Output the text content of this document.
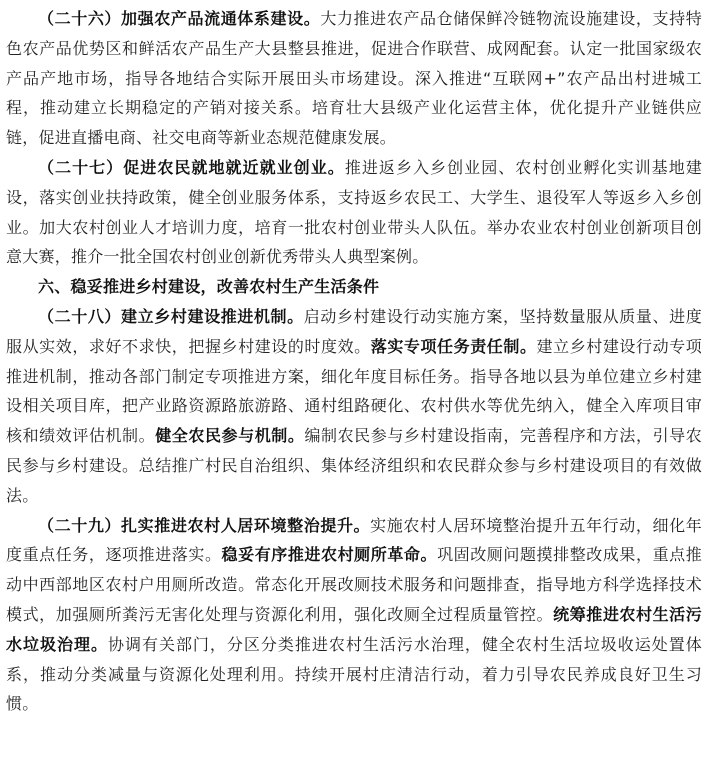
（二十六）加强农产品流通体系建设。大力推进农产品仓储保鲜冷链物流设施建设，支持特色农产品优势区和鲜活农产品生产大县整县推进，促进合作联营、成网配套。认定一批国家级农产品产地市场，指导各地结合实际开展田头市场建设。深入推进“互联网+”农产品出村进城工程，推动建立长期稳定的产销对接关系。培育壮大县级产业化运营主体，优化提升产业链供应链，促进直播电商、社交电商等新业态规范健康发展。

（二十七）促进农民就地就近就业创业。推进返乡入乡创业园、农村创业孵化实训基地建设，落实创业扶持政策，健全创业服务体系，支持返乡农民工、大学生、退役军人等返乡入乡创业。加大农村创业人才培训力度，培育一批农村创业带头人队伍。举办农业农村创业创新项目创意大赛，推介一批全国农村创业创新优秀带头人典型案例。

六、稳妥推进乡村建设，改善农村生产生活条件

（二十八）建立乡村建设推进机制。启动乡村建设行动实施方案，坚持数量服从质量、进度服从实效，求好不求快，把握乡村建设的时度效。落实专项任务责任制。建立乡村建设行动专项推进机制，推动各部门制定专项推进方案，细化年度目标任务。指导各地以县为单位建立乡村建设相关项目库，把产业路资源路旅游路、通村组路硬化、农村供水等优先纳入，健全入库项目审核和绩效评估机制。健全农民参与机制。编制农民参与乡村建设指南，完善程序和方法，引导农民参与乡村建设。总结推广村民自治组织、集体经济组织和农民群众参与乡村建设项目的有效做法。

（二十九）扎实推进农村人居环境整治提升。实施农村人居环境整治提升五年行动，细化年度重点任务，逐项推进落实。稳妥有序推进农村厕所革命。巩固改厕问题摸排整改成果，重点推动中西部地区农村户用厕所改造。常态化开展改厕技术服务和问题排查，指导地方科学选择技术模式，加强厕所粪污无害化处理与资源化利用，强化改厕全过程质量管控。统筹推进农村生活污水垃圾治理。协调有关部门，分区分类推进农村生活污水治理，健全农村生活垃圾收运处置体系，推动分类减量与资源化处理利用。持续开展村庄清洁行动，着力引导农民养成良好卫生习惯。
